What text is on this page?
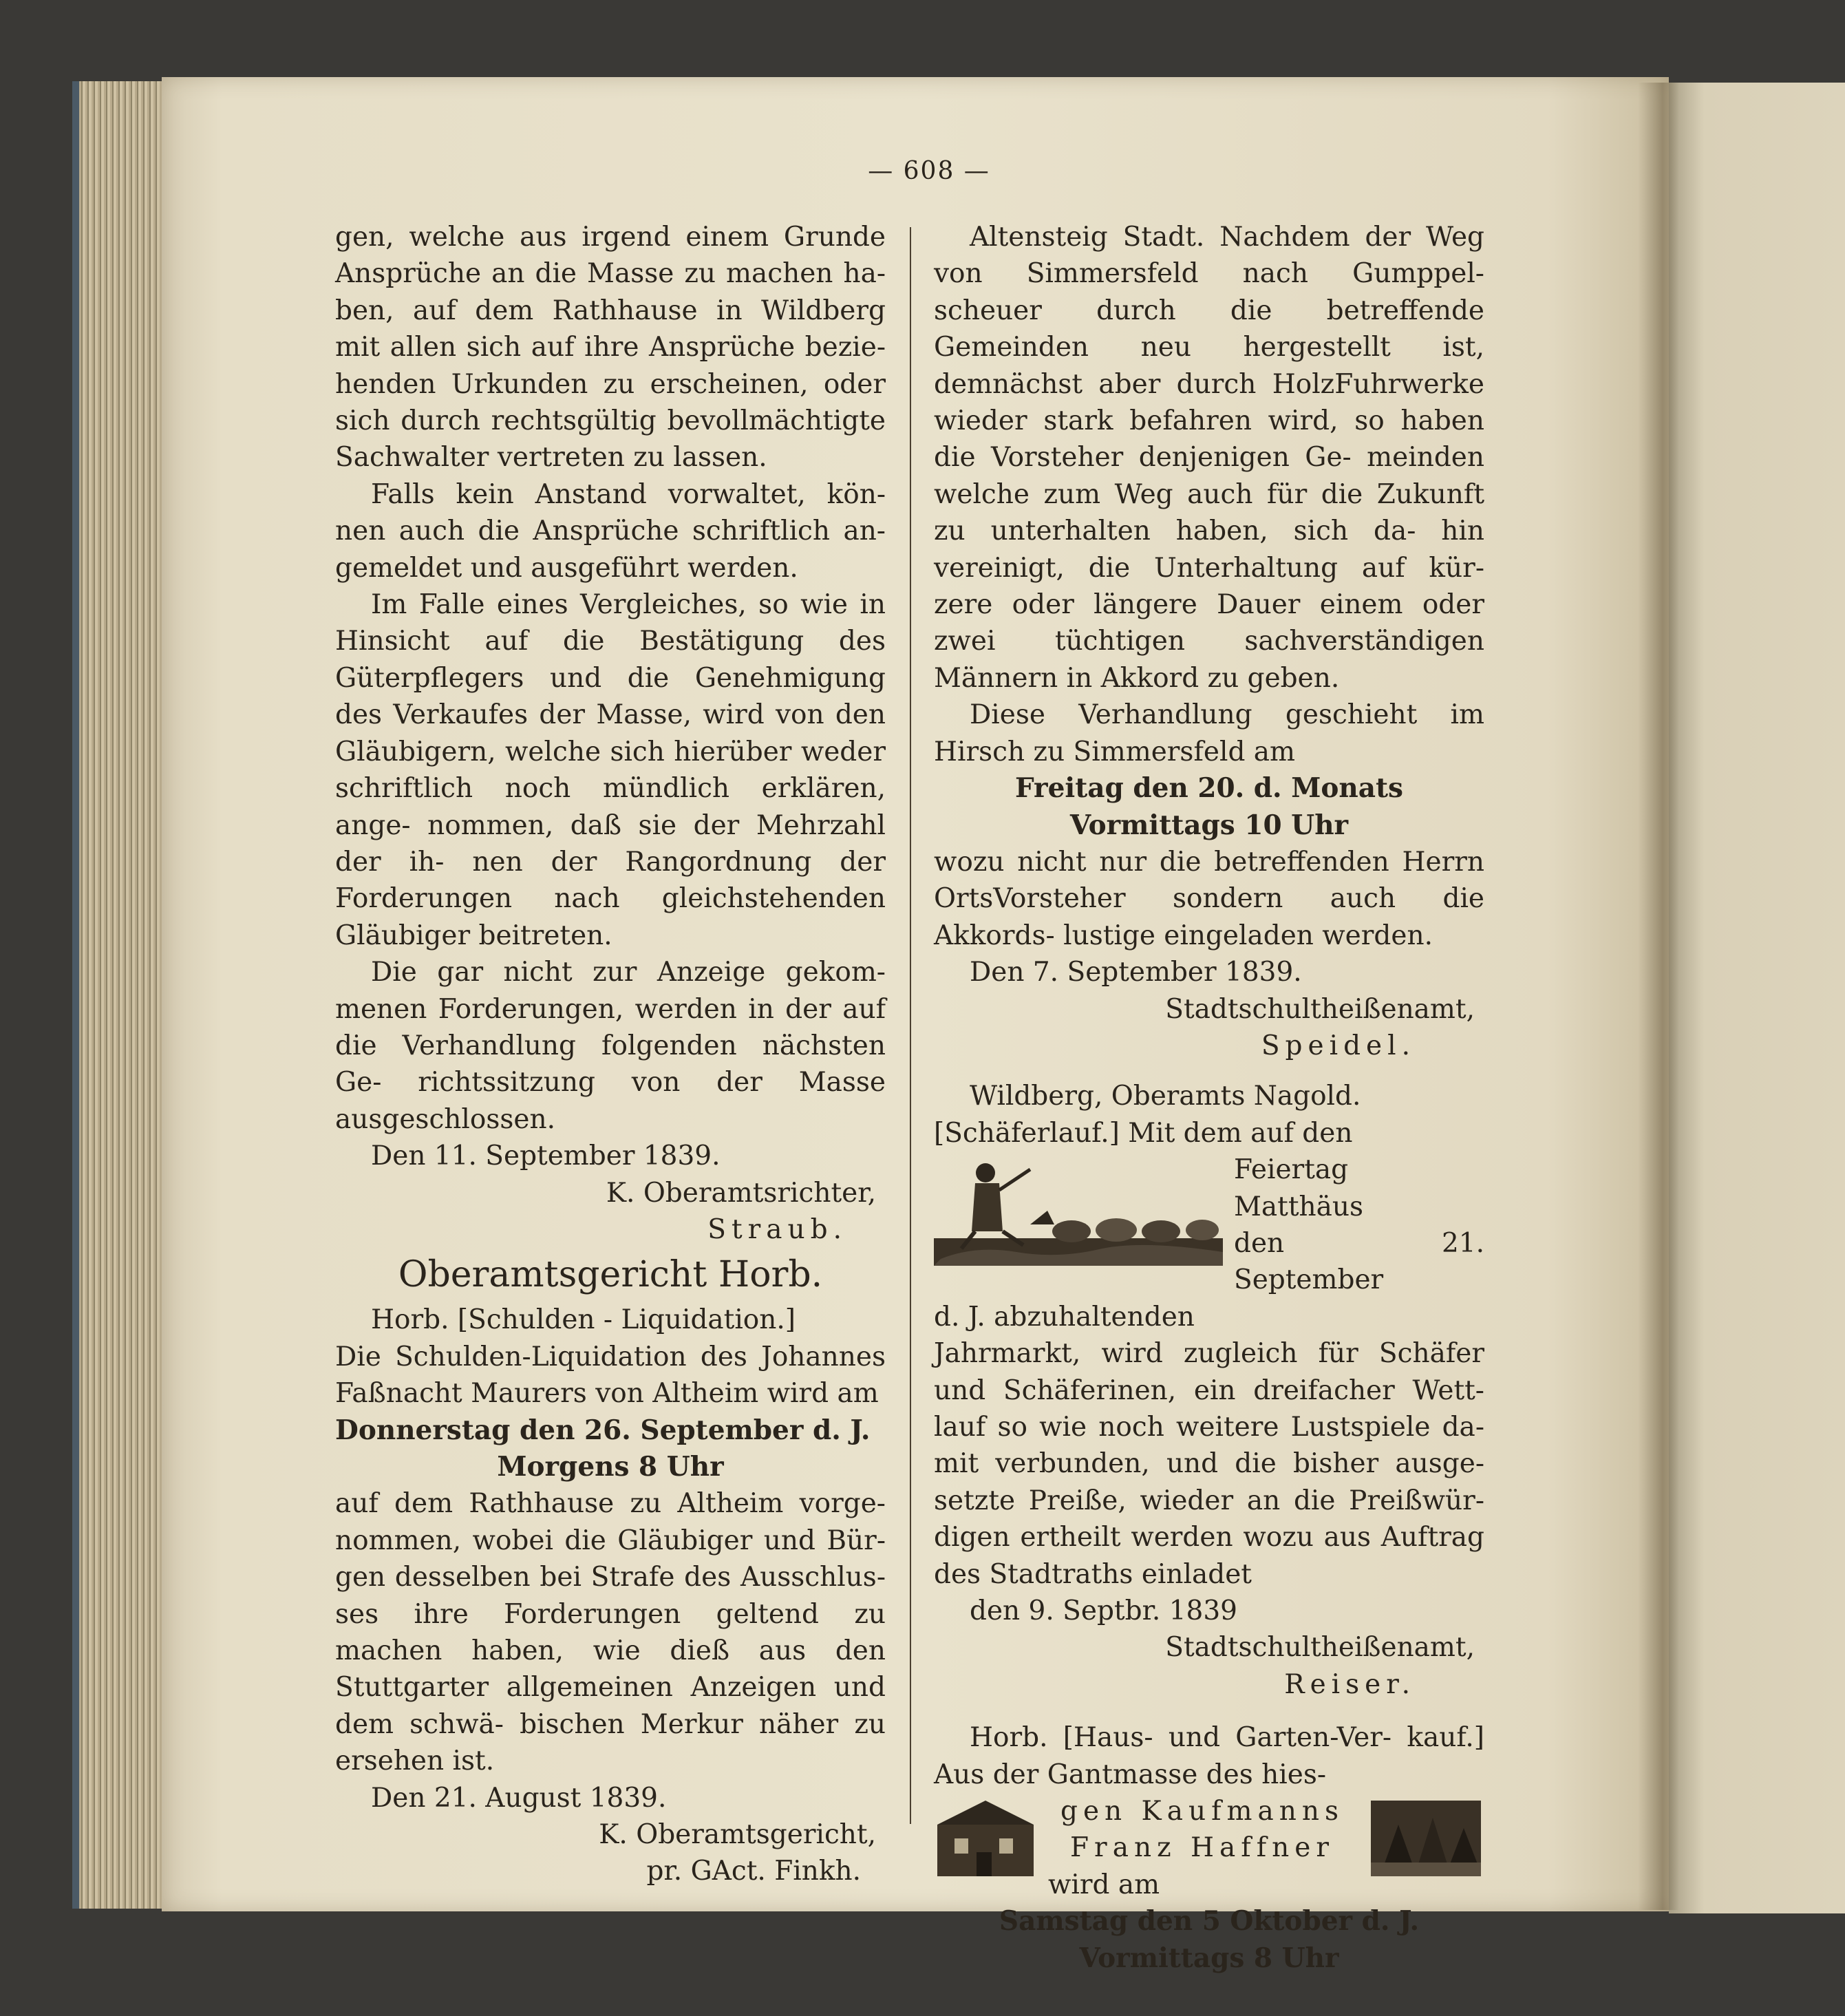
— 608 —

gen, welche aus irgend einem Grunde Ansprüche an die Masse zu machen ha- ben, auf dem Rathhause in Wildberg mit allen sich auf ihre Ansprüche bezie- henden Urkunden zu erscheinen, oder sich durch rechtsgültig bevollmächtigte Sachwalter vertreten zu lassen.

Falls kein Anstand vorwaltet, kön- nen auch die Ansprüche schriftlich an- gemeldet und ausgeführt werden.

Im Falle eines Vergleiches, so wie in Hinsicht auf die Bestätigung des Güterpflegers und die Genehmigung des Verkaufes der Masse, wird von den Gläubigern, welche sich hierüber weder schriftlich noch mündlich erklären, ange- nommen, daß sie der Mehrzahl der ih- nen der Rangordnung der Forderungen nach gleichstehenden Gläubiger beitreten.

Die gar nicht zur Anzeige gekom- menen Forderungen, werden in der auf die Verhandlung folgenden nächsten Ge- richtssitzung von der Masse ausgeschlossen.

Den 11. September 1839.

K. Oberamtsrichter,

Straub.

Oberamtsgericht Horb.

Horb. [Schulden - Liquidation.]

Die Schulden-Liquidation des Johannes Faßnacht Maurers von Altheim wird am

Donnerstag den 26. September d. J.

Morgens 8 Uhr

auf dem Rathhause zu Altheim vorge- nommen, wobei die Gläubiger und Bür- gen desselben bei Strafe des Ausschlus- ses ihre Forderungen geltend zu machen haben, wie dieß aus den Stuttgarter allgemeinen Anzeigen und dem schwä- bischen Merkur näher zu ersehen ist.

Den 21. August 1839.

K. Oberamtsgericht,

pr. GAct. Finkh.

Altensteig Stadt. Nachdem der Weg von Simmersfeld nach Gumppel- scheuer durch die betreffende Gemeinden neu hergestellt ist, demnächst aber durch HolzFuhrwerke wieder stark befahren wird, so haben die Vorsteher denjenigen Ge- meinden welche zum Weg auch für die Zukunft zu unterhalten haben, sich da- hin vereinigt, die Unterhaltung auf kür- zere oder längere Dauer einem oder zwei tüchtigen sachverständigen Männern in Akkord zu geben.

Diese Verhandlung geschieht im Hirsch zu Simmersfeld am

Freitag den 20. d. Monats

Vormittags 10 Uhr

wozu nicht nur die betreffenden Herrn OrtsVorsteher sondern auch die Akkords- lustige eingeladen werden.

Den 7. September 1839.

Stadtschultheißenamt,

Speidel.

Wildberg, Oberamts Nagold.

[Schäferlauf.] Mit dem auf den

Feiertag Matthäus

den 21. September

d. J. abzuhaltenden

Jahrmarkt, wird zugleich für Schäfer und Schäferinen, ein dreifacher Wett- lauf so wie noch weitere Lustspiele da- mit verbunden, und die bisher ausge- setzte Preiße, wieder an die Preißwür- digen ertheilt werden wozu aus Auftrag des Stadtraths einladet

den 9. Septbr. 1839

Stadtschultheißenamt,

Reiser.

Horb. [Haus- und Garten-Ver- kauf.] Aus der Gantmasse des hies-

gen Kaufmanns

Franz Haffner

wird am

Samstag den 5 Oktober d. J.

Vormittags 8 Uhr
